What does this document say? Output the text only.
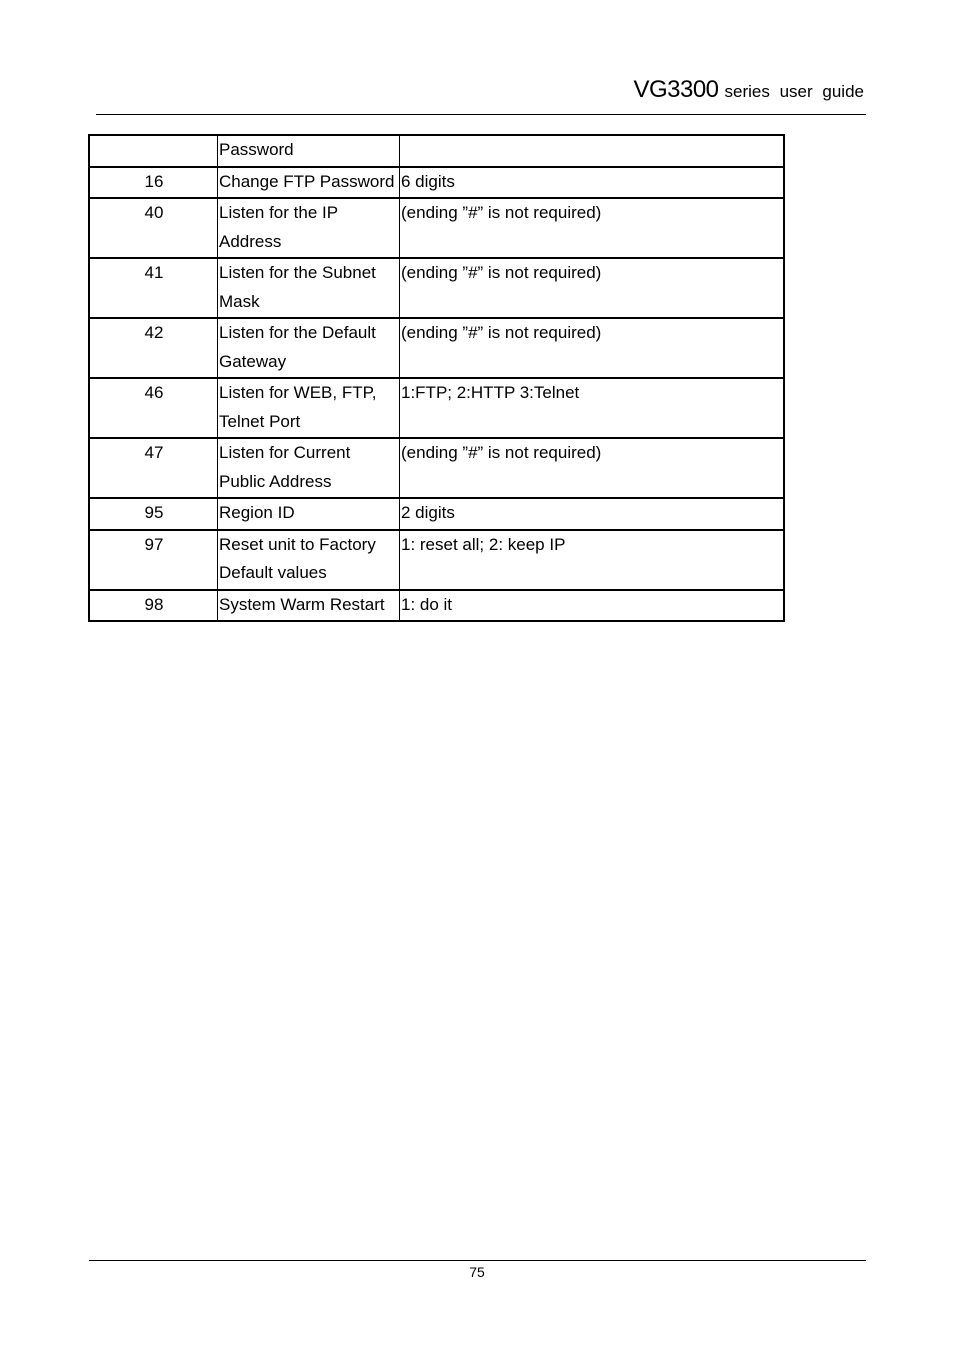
VG3300 series user guide
	Password	
16	Change FTP Password	6 digits
40	Listen for the IP Address	(ending ”#” is not required)
41	Listen for the Subnet Mask	(ending ”#” is not required)
42	Listen for the Default Gateway	(ending ”#” is not required)
46	Listen for WEB, FTP, Telnet Port	1:FTP; 2:HTTP 3:Telnet
47	Listen for Current Public Address	(ending ”#” is not required)
95	Region ID	2 digits
97	Reset unit to Factory Default values	1: reset all; 2: keep IP
98	System Warm Restart	1: do it
75
